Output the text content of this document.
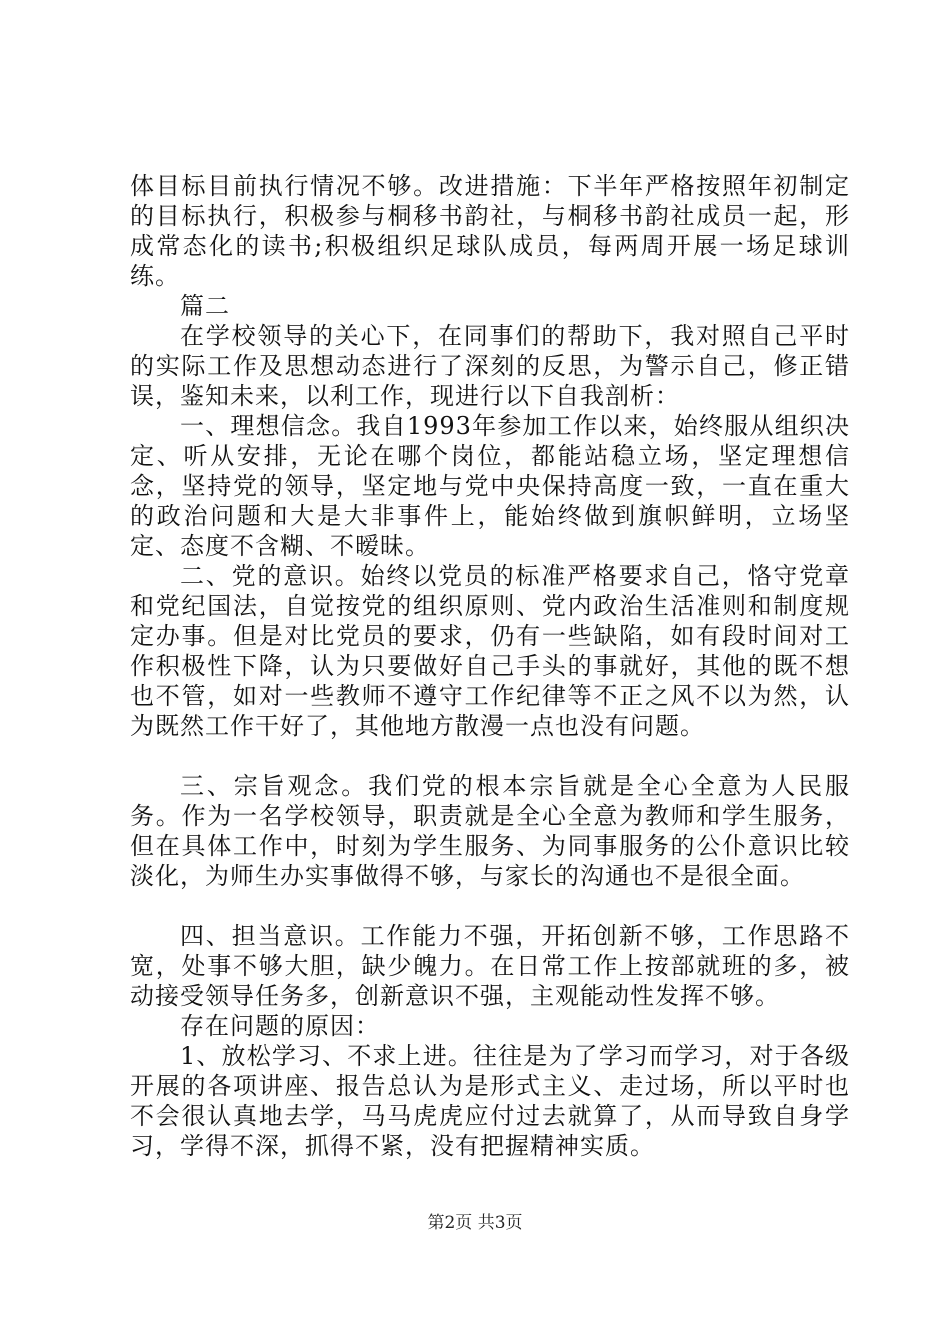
体目标目前执行情况不够。改进措施：下半年严格按照年初制定的目标执行，积极参与桐移书韵社，与桐移书韵社成员一起，形成常态化的读书;积极组织足球队成员，每两周开展一场足球训练。

篇二

在学校领导的关心下，在同事们的帮助下，我对照自己平时的实际工作及思想动态进行了深刻的反思，为警示自己，修正错误，鉴知未来，以利工作，现进行以下自我剖析：

一、理想信念。我自1993年参加工作以来，始终服从组织决定、听从安排，无论在哪个岗位，都能站稳立场，坚定理想信念，坚持党的领导，坚定地与党中央保持高度一致，一直在重大的政治问题和大是大非事件上，能始终做到旗帜鲜明，立场坚定、态度不含糊、不暧昧。

二、党的意识。始终以党员的标准严格要求自己，恪守党章和党纪国法，自觉按党的组织原则、党内政治生活准则和制度规定办事。但是对比党员的要求，仍有一些缺陷，如有段时间对工作积极性下降，认为只要做好自己手头的事就好，其他的既不想也不管，如对一些教师不遵守工作纪律等不正之风不以为然，认为既然工作干好了，其他地方散漫一点也没有问题。

三、宗旨观念。我们党的根本宗旨就是全心全意为人民服务。作为一名学校领导，职责就是全心全意为教师和学生服务，但在具体工作中，时刻为学生服务、为同事服务的公仆意识比较淡化，为师生办实事做得不够，与家长的沟通也不是很全面。

四、担当意识。工作能力不强，开拓创新不够，工作思路不宽，处事不够大胆，缺少魄力。在日常工作上按部就班的多，被动接受领导任务多，创新意识不强，主观能动性发挥不够。

存在问题的原因：

1、放松学习、不求上进。往往是为了学习而学习，对于各级开展的各项讲座、报告总认为是形式主义、走过场，所以平时也不会很认真地去学，马马虎虎应付过去就算了，从而导致自身学习，学得不深，抓得不紧，没有把握精神实质。

第2页 共3页
